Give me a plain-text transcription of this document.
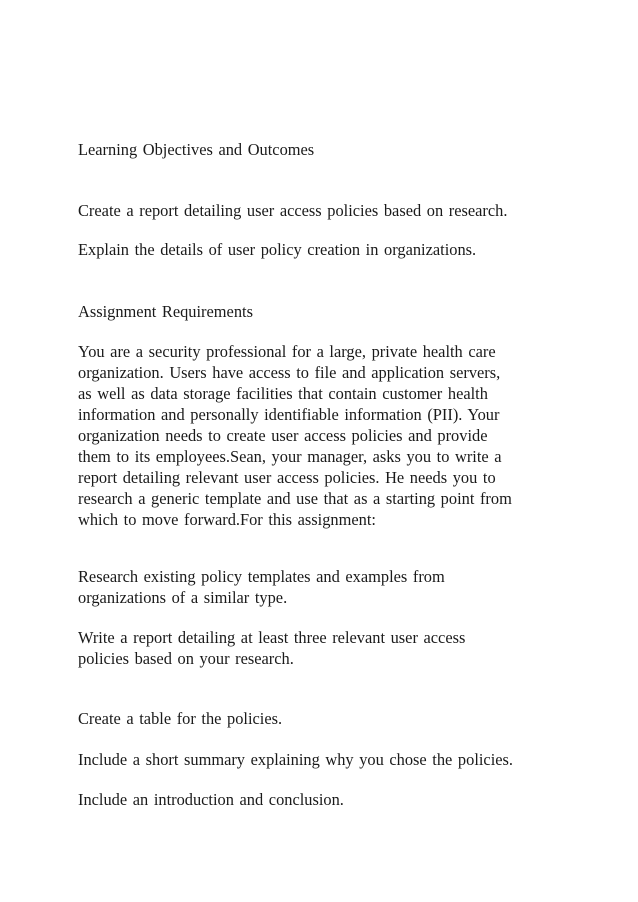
Learning Objectives and Outcomes

Create a report detailing user access policies based on research.

Explain the details of user policy creation in organizations.

Assignment Requirements

You are a security professional for a large, private health care

organization. Users have access to file and application servers,

as well as data storage facilities that contain customer health

information and personally identifiable information (PII). Your

organization needs to create user access policies and provide

them to its employees.Sean, your manager, asks you to write a

report detailing relevant user access policies. He needs you to

research a generic template and use that as a starting point from

which to move forward.For this assignment:

Research existing policy templates and examples from

organizations of a similar type.

Write a report detailing at least three relevant user access

policies based on your research.

Create a table for the policies.

Include a short summary explaining why you chose the policies.

Include an introduction and conclusion.
